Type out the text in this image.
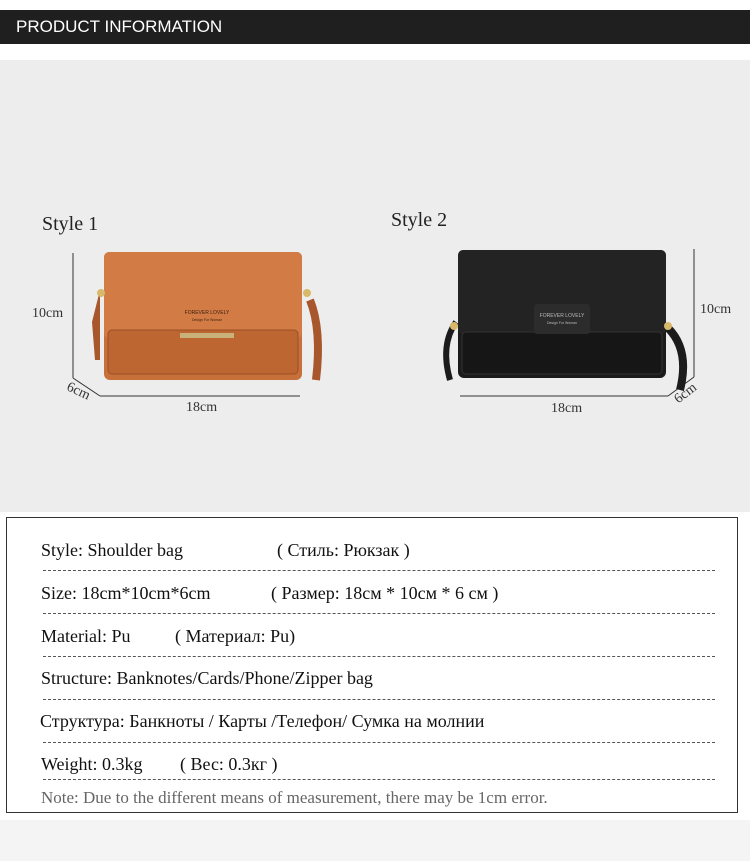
PRODUCT INFORMATION
FOREVER LOVELY
Design For Woman
FOREVER LOVELY
Design For Woman
Style 1
10cm
6cm
18cm
Style 2
10cm
6cm
18cm
Style: Shoulder bag	( Стиль: Рюкзак )
Size: 18cm*10cm*6cm	( Размер: 18см * 10см * 6 см )
Material: Pu ( Материал: Pu)
Structure: Banknotes/Cards/Phone/Zipper bag
Структура: Банкноты / Карты /Телефон/ Сумка на молнии
Weight: 0.3kg ( Вес: 0.3кг )
Note: Due to the different means of measurement, there may be 1cm error.
